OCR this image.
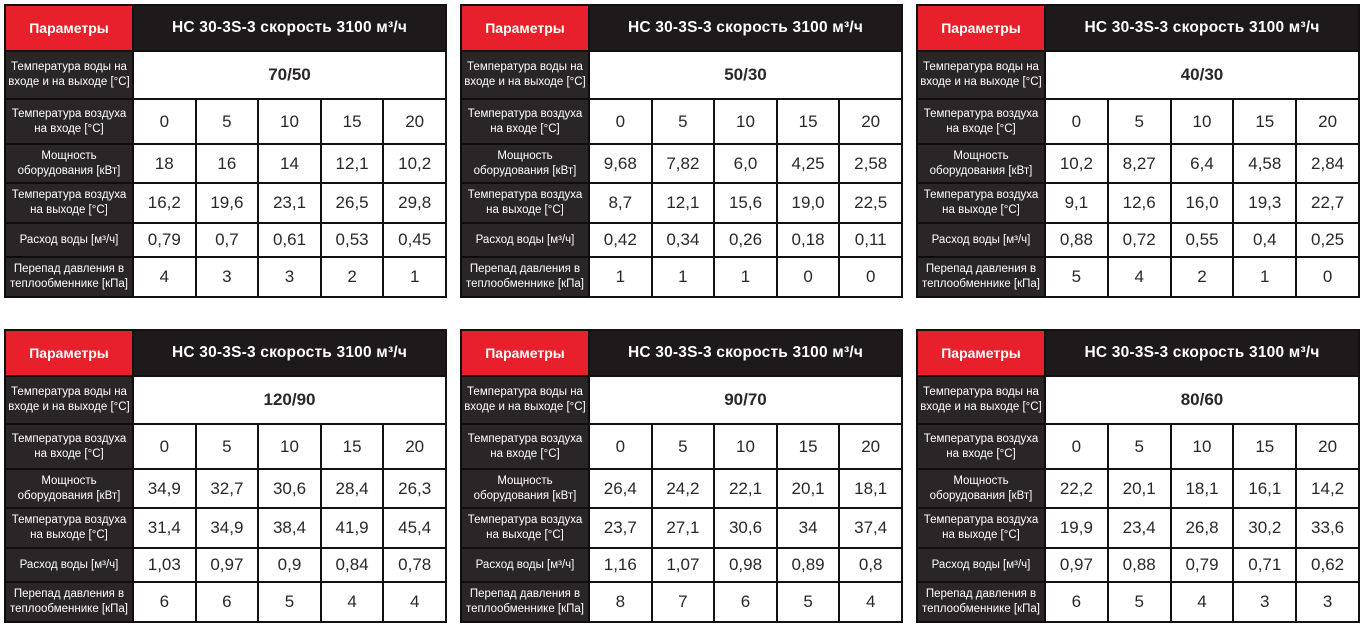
Параметры	НС 30-3S-3 скорость 3100 м³/ч				
Температура воды на входе и на выходе [°С]	70/50				
Температура воздуха на входе [°С]	0	5	10	15	20
Мощность оборудования [кВт]	18	16	14	12,1	10,2
Температура воздуха на выходе [°С]	16,2	19,6	23,1	26,5	29,8
Расход воды [м³/ч]	0,79	0,7	0,61	0,53	0,45
Перепад давления в теплообменнике [кПа]	4	3	3	2	1
Параметры	НС 30-3S-3 скорость 3100 м³/ч				
Температура воды на входе и на выходе [°С]	50/30				
Температура воздуха на входе [°С]	0	5	10	15	20
Мощность оборудования [кВт]	9,68	7,82	6,0	4,25	2,58
Температура воздуха на выходе [°С]	8,7	12,1	15,6	19,0	22,5
Расход воды [м³/ч]	0,42	0,34	0,26	0,18	0,11
Перепад давления в теплообменнике [кПа]	1	1	1	0	0
Параметры	НС 30-3S-3 скорость 3100 м³/ч				
Температура воды на входе и на выходе [°С]	40/30				
Температура воздуха на входе [°С]	0	5	10	15	20
Мощность оборудования [кВт]	10,2	8,27	6,4	4,58	2,84
Температура воздуха на выходе [°С]	9,1	12,6	16,0	19,3	22,7
Расход воды [м³/ч]	0,88	0,72	0,55	0,4	0,25
Перепад давления в теплообменнике [кПа]	5	4	2	1	0
Параметры	НС 30-3S-3 скорость 3100 м³/ч				
Температура воды на входе и на выходе [°С]	120/90				
Температура воздуха на входе [°С]	0	5	10	15	20
Мощность оборудования [кВт]	34,9	32,7	30,6	28,4	26,3
Температура воздуха на выходе [°С]	31,4	34,9	38,4	41,9	45,4
Расход воды [м³/ч]	1,03	0,97	0,9	0,84	0,78
Перепад давления в теплообменнике [кПа]	6	6	5	4	4
Параметры	НС 30-3S-3 скорость 3100 м³/ч				
Температура воды на входе и на выходе [°С]	90/70				
Температура воздуха на входе [°С]	0	5	10	15	20
Мощность оборудования [кВт]	26,4	24,2	22,1	20,1	18,1
Температура воздуха на выходе [°С]	23,7	27,1	30,6	34	37,4
Расход воды [м³/ч]	1,16	1,07	0,98	0,89	0,8
Перепад давления в теплообменнике [кПа]	8	7	6	5	4
Параметры	НС 30-3S-3 скорость 3100 м³/ч				
Температура воды на входе и на выходе [°С]	80/60				
Температура воздуха на входе [°С]	0	5	10	15	20
Мощность оборудования [кВт]	22,2	20,1	18,1	16,1	14,2
Температура воздуха на выходе [°С]	19,9	23,4	26,8	30,2	33,6
Расход воды [м³/ч]	0,97	0,88	0,79	0,71	0,62
Перепад давления в теплообменнике [кПа]	6	5	4	3	3
